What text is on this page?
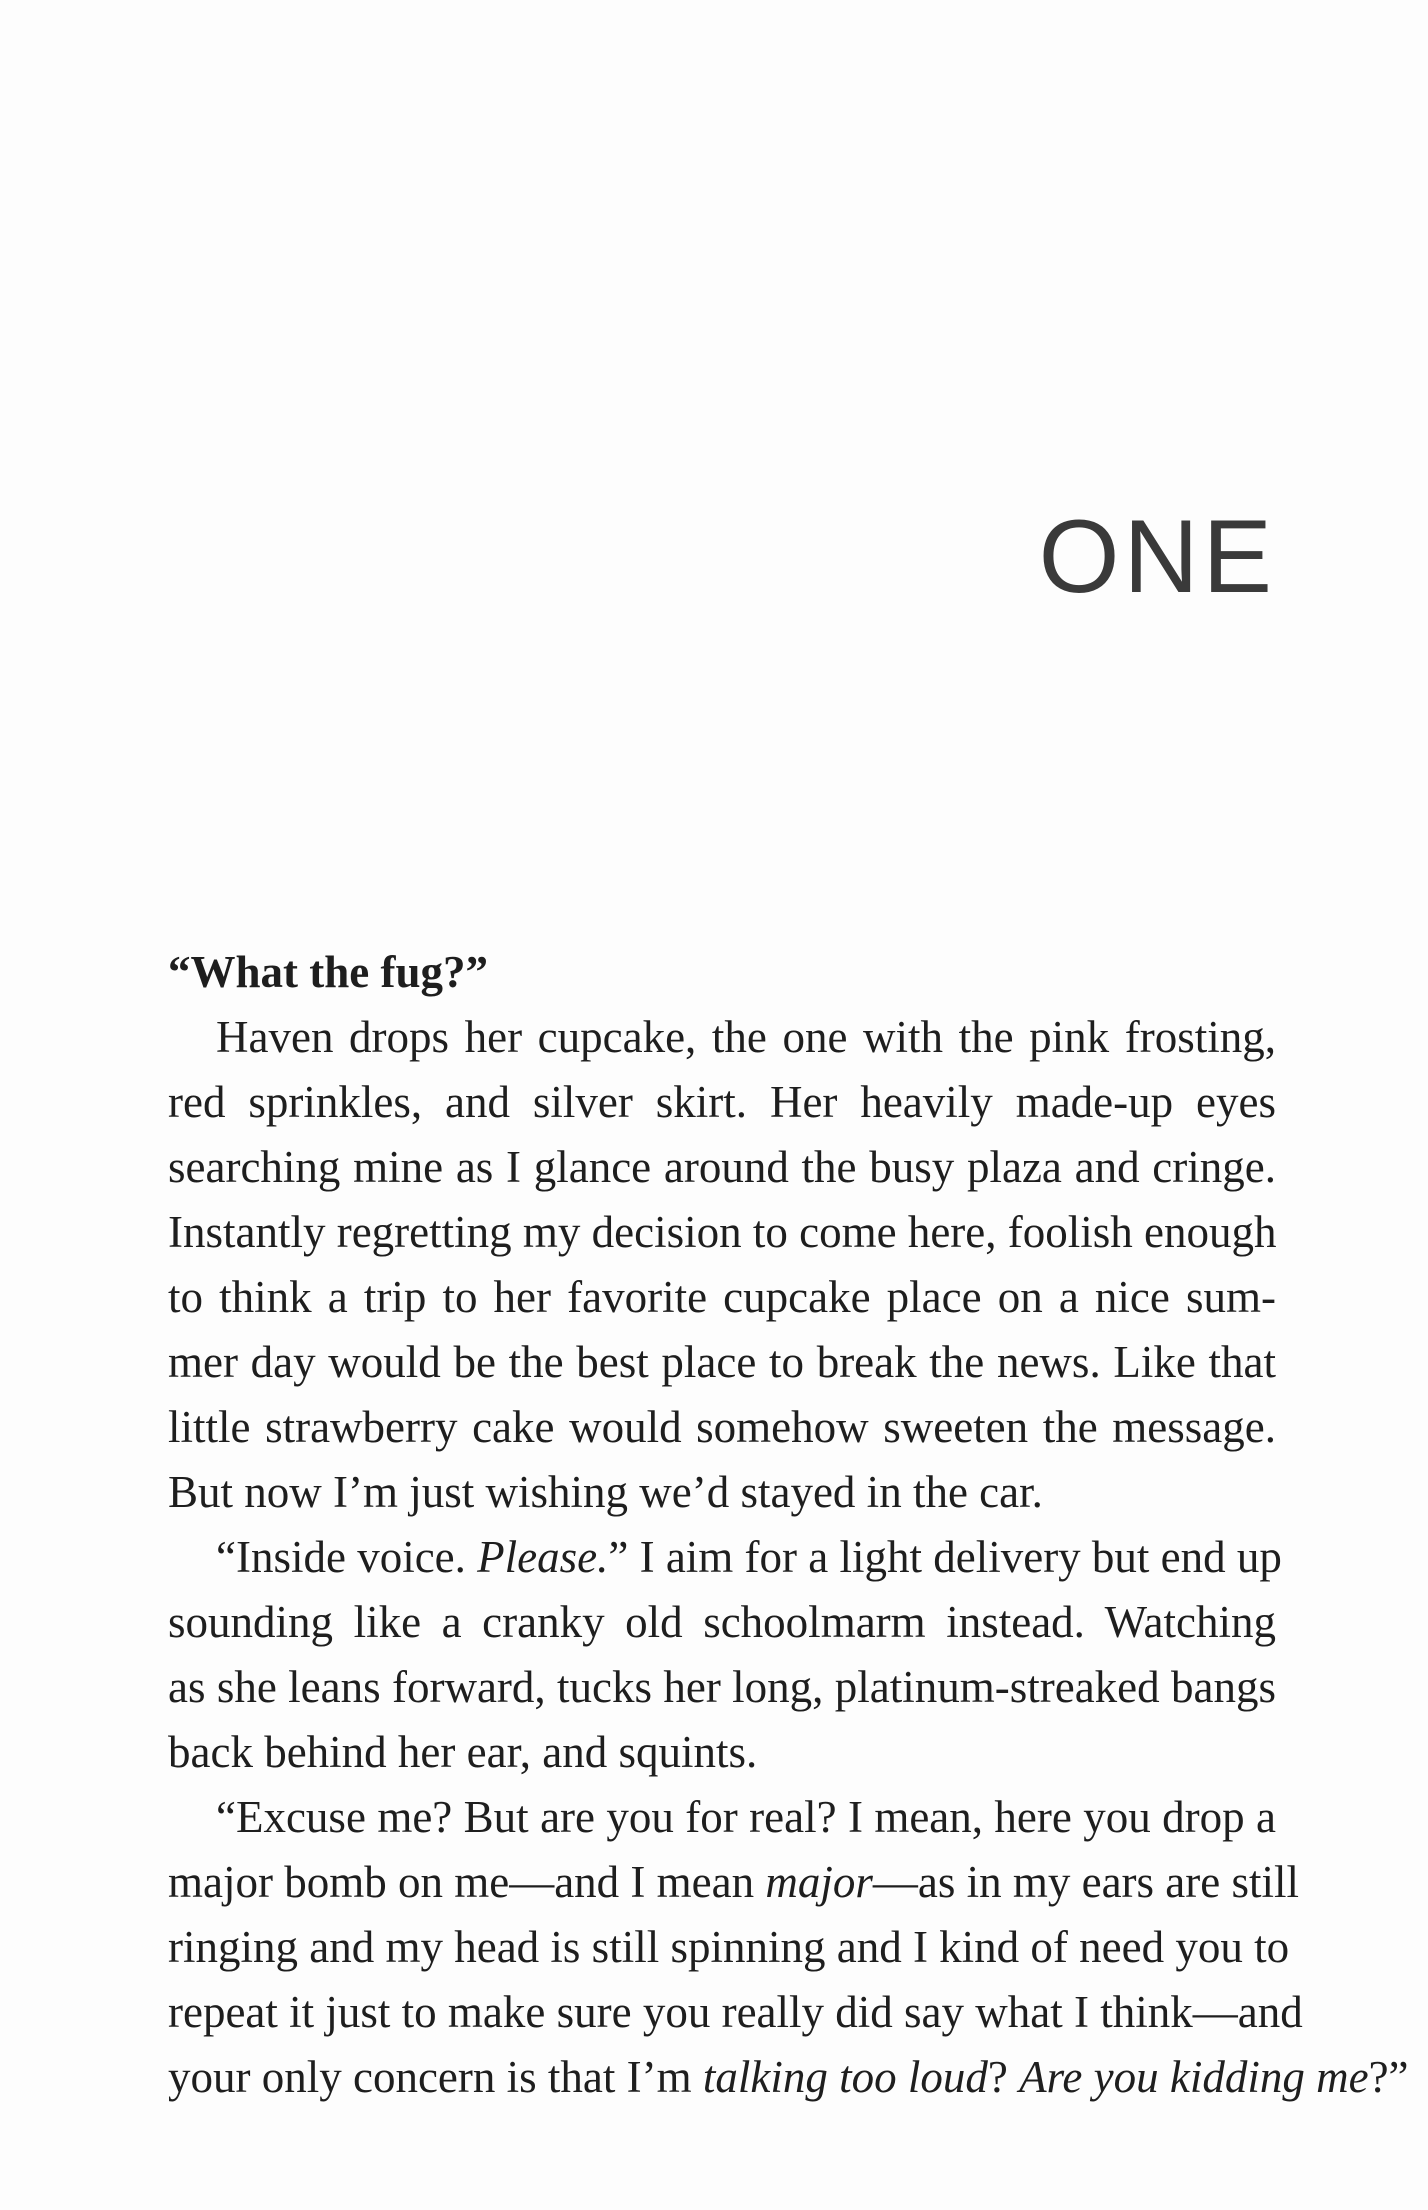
ONE

“What the fug?”

Haven drops her cupcake, the one with the pink frosting,
red sprinkles, and silver skirt. Her heavily made-up eyes
searching mine as I glance around the busy plaza and cringe.
Instantly regretting my decision to come here, foolish enough
to think a trip to her favorite cupcake place on a nice sum-
mer day would be the best place to break the news. Like that
little strawberry cake would somehow sweeten the message.
But now I’m just wishing we’d stayed in the car.
“Inside voice. Please.” I aim for a light delivery but end up
sounding like a cranky old schoolmarm instead. Watching
as she leans forward, tucks her long, platinum-streaked bangs
back behind her ear, and squints.
“Excuse me? But are you for real? I mean, here you drop a
major bomb on me—and I mean major—as in my ears are still
ringing and my head is still spinning and I kind of need you to
repeat it just to make sure you really did say what I think—and
your only concern is that I’m talking too loud? Are you kidding me?”
